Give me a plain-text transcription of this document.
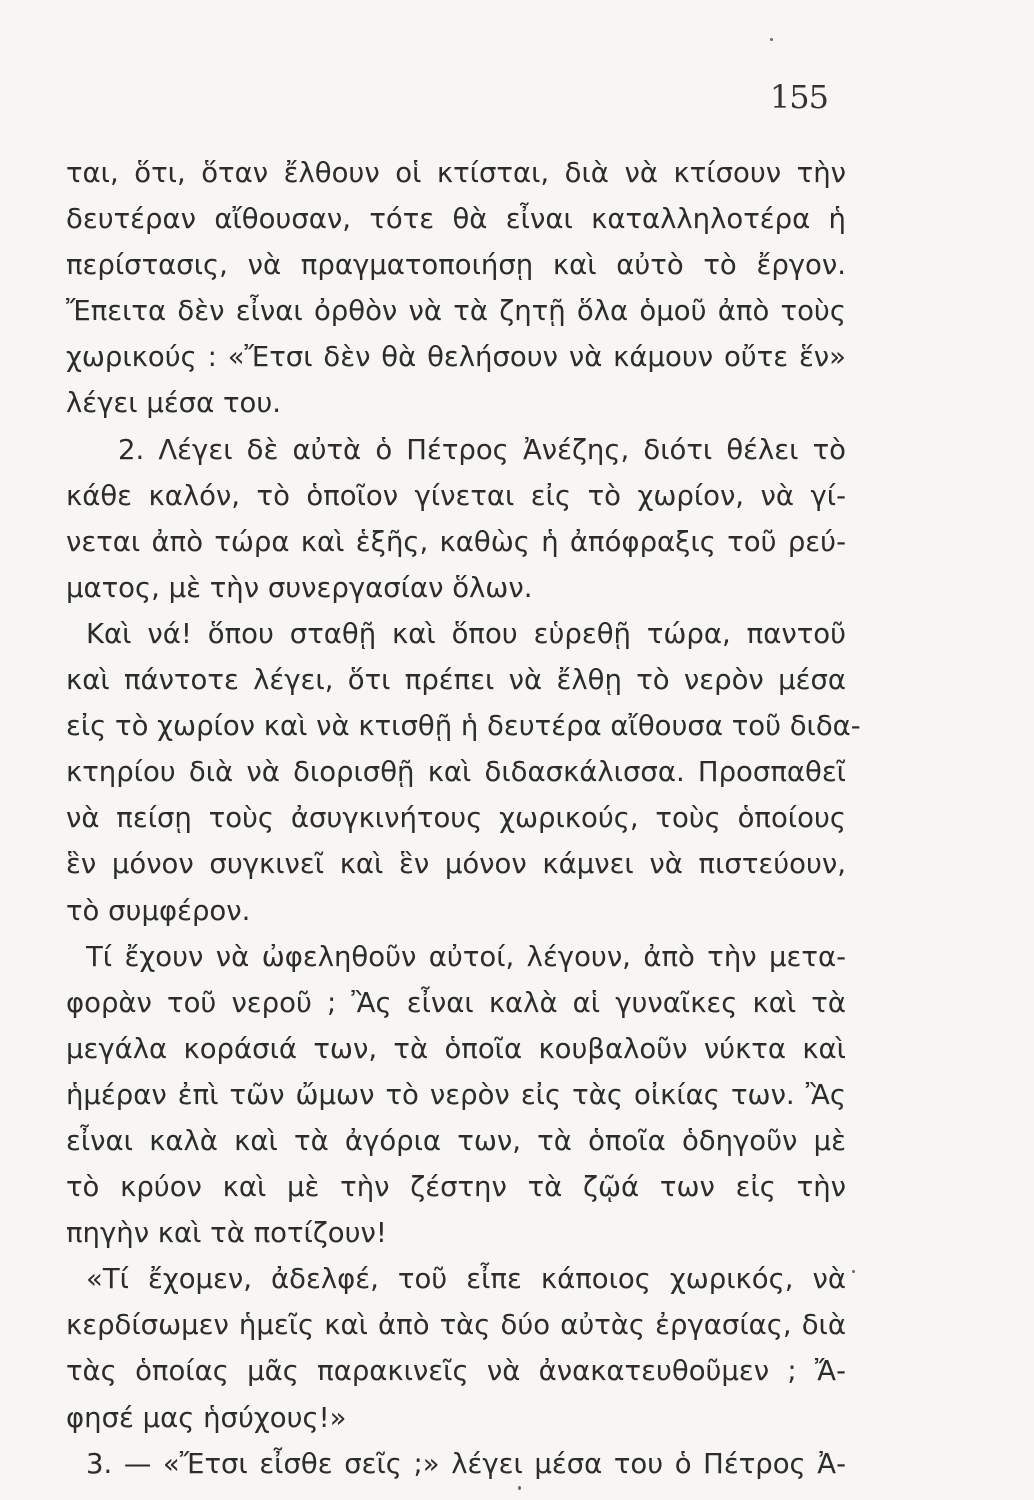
155
ται, ὅτι, ὅταν ἔλθουν οἱ κτίσται, διὰ νὰ κτίσουν τὴν
δευτέραν αἴθουσαν, τότε θὰ εἶναι καταλληλοτέρα ἡ
περίστασις, νὰ πραγματοποιήσῃ καὶ αὐτὸ τὸ ἔργον.
Ἔπειτα δὲν εἶναι ὀρθὸν νὰ τὰ ζητῇ ὅλα ὁμοῦ ἀπὸ τοὺς
χωρικούς : «Ἔτσι δὲν θὰ θελήσουν νὰ κάμουν οὔτε ἕν»
λέγει μέσα του.
2. Λέγει δὲ αὐτὰ ὁ Πέτρος Ἀνέζης, διότι θέλει τὸ
κάθε καλόν, τὸ ὁποῖον γίνεται εἰς τὸ χωρίον, νὰ γί-
νεται ἀπὸ τώρα καὶ ἑξῆς, καθὼς ἡ ἀπόφραξις τοῦ ρεύ-
ματος, μὲ τὴν συνεργασίαν ὅλων.
Καὶ νά! ὅπου σταθῇ καὶ ὅπου εὑρεθῇ τώρα, παντοῦ
καὶ πάντοτε λέγει, ὅτι πρέπει νὰ ἔλθῃ τὸ νερὸν μέσα
εἰς τὸ χωρίον καὶ νὰ κτισθῇ ἡ δευτέρα αἴθουσα τοῦ διδα-
κτηρίου διὰ νὰ διορισθῇ καὶ διδασκάλισσα. Προσπαθεῖ
νὰ πείσῃ τοὺς ἀσυγκινήτους χωρικούς, τοὺς ὁποίους
ἓν μόνον συγκινεῖ καὶ ἓν μόνον κάμνει νὰ πιστεύουν,
τὸ συμφέρον.
Τί ἔχουν νὰ ὠφεληθοῦν αὐτοί, λέγουν, ἀπὸ τὴν μετα-
φορὰν τοῦ νεροῦ ; Ἂς εἶναι καλὰ αἱ γυναῖκες καὶ τὰ
μεγάλα κοράσιά των, τὰ ὁποῖα κουβαλοῦν νύκτα καὶ
ἡμέραν ἐπὶ τῶν ὤμων τὸ νερὸν εἰς τὰς οἰκίας των. Ἂς
εἶναι καλὰ καὶ τὰ ἀγόρια των, τὰ ὁποῖα ὁδηγοῦν μὲ
τὸ κρύον καὶ μὲ τὴν ζέστην τὰ ζῷά των εἰς τὴν
πηγὴν καὶ τὰ ποτίζουν!
«Τί ἔχομεν, ἀδελφέ, τοῦ εἶπε κάποιος χωρικός, νὰ
κερδίσωμεν ἡμεῖς καὶ ἀπὸ τὰς δύο αὐτὰς ἐργασίας, διὰ
τὰς ὁποίας μᾶς παρακινεῖς νὰ ἀνακατευθοῦμεν ; Ἄ-
φησέ μας ἡσύχους!»
3. — «Ἔτσι εἶσθε σεῖς ;» λέγει μέσα του ὁ Πέτρος Ἀ-
